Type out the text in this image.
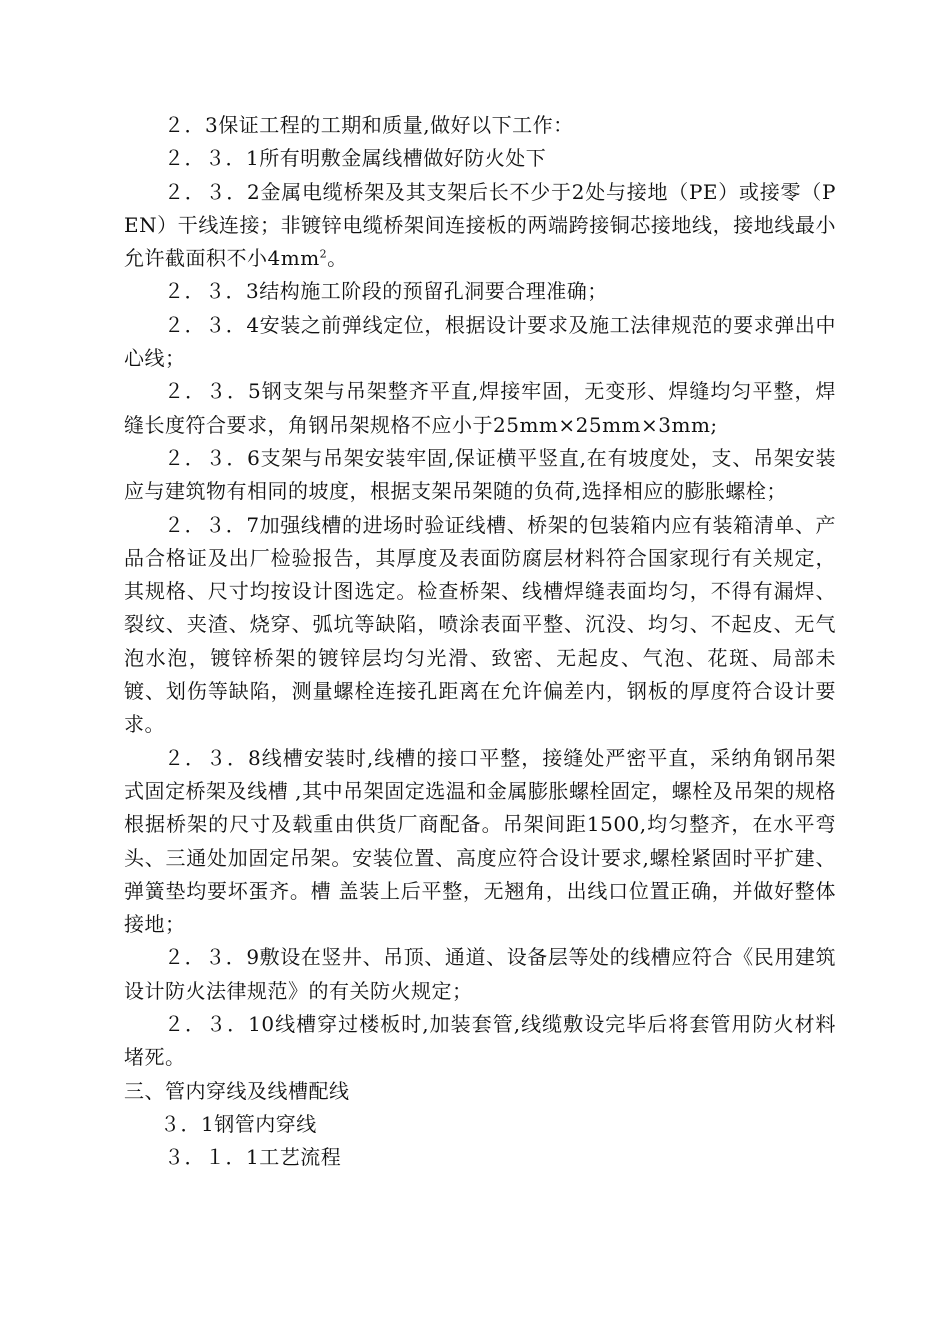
２．3保证工程的工期和质量,做好以下工作：

２．３．1所有明敷金属线槽做好防火处下

２．３．2金属电缆桥架及其支架后长不少于2处与接地（PE）或接零（PEN）干线连接；非镀锌电缆桥架间连接板的两端跨接铜芯接地线，接地线最小允许截面积不小$4mm^2$。

２．３．3结构施工阶段的预留孔洞要合理准确；

２．３．4安装之前弹线定位，根据设计要求及施工法律规范的要求弹出中心线；

２．３．5钢支架与吊架整齐平直,焊接牢固，无变形、焊缝均匀平整，焊缝长度符合要求，角钢吊架规格不应小于25mm×25mm×3mm;

２．３．6支架与吊架安装牢固,保证横平竖直,在有坡度处，支、吊架安装应与建筑物有相同的坡度，根据支架吊架随的负荷,选择相应的膨胀螺栓；

２．３．7加强线槽的进场时验证线槽、桥架的包装箱内应有装箱清单、产品合格证及出厂检验报告，其厚度及表面防腐层材料符合国家现行有关规定，其规格、尺寸均按设计图选定。检查桥架、线槽焊缝表面均匀，不得有漏焊、裂纹、夹渣、烧穿、弧坑等缺陷，喷涂表面平整、沉没、均匀、不起皮、无气泡水泡，镀锌桥架的镀锌层均匀光滑、致密、无起皮、气泡、花斑、局部未镀、划伤等缺陷，测量螺栓连接孔距离在允许偏差内，钢板的厚度符合设计要求。

２．３．8线槽安装时,线槽的接口平整，接缝处严密平直，采纳角钢吊架式固定桥架及线槽 ,其中吊架固定选温和金属膨胀螺栓固定，螺栓及吊架的规格根据桥架的尺寸及载重由供货厂商配备。吊架间距1500,均匀整齐，在水平弯头、三通处加固定吊架。安装位置、高度应符合设计要求,螺栓紧固时平扩建、弹簧垫均要坏蛋齐。槽 盖装上后平整，无翘角，出线口位置正确，并做好整体接地；

２．３．9敷设在竖井、吊顶、通道、设备层等处的线槽应符合《民用建筑设计防火法律规范》的有关防火规定；

２．３．10线槽穿过楼板时,加装套管,线缆敷设完毕后将套管用防火材料堵死。

三、管内穿线及线槽配线

３．1钢管内穿线

３．１．1工艺流程
